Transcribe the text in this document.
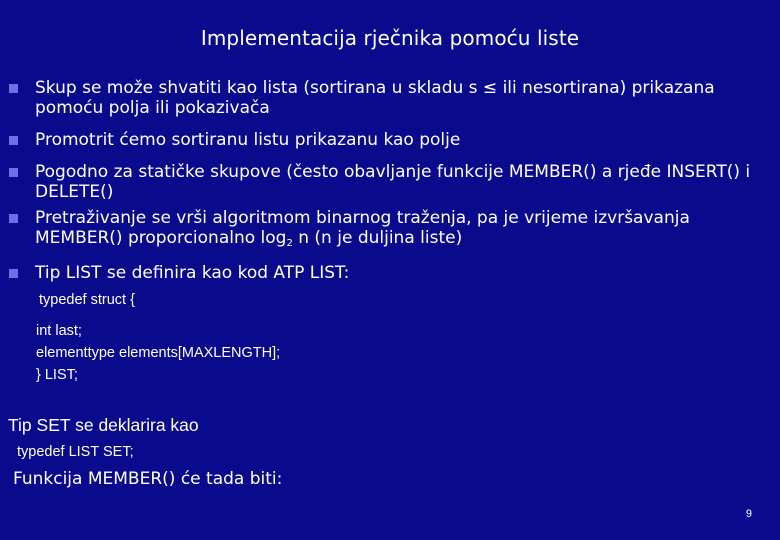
Implementacija rječnika pomoću liste
Skup se može shvatiti kao lista (sortirana u skladu s ≤ ili nesortirana) prikazana pomoću polja ili pokazivača
Promotrit ćemo sortiranu listu prikazanu kao polje
Pogodno za statičke skupove (često obavljanje funkcije MEMBER() a rjeđe INSERT() i DELETE()
Pretraživanje se vrši algoritmom binarnog traženja, pa je vrijeme izvršavanja MEMBER() proporcionalno $\log_2 n$ (n je duljina liste)
Tip LIST se definira kao kod ATP LIST:
typedef struct {
int last;
elementtype elements[MAXLENGTH];
} LIST;
Tip SET se deklarira kao
typedef LIST SET;
Funkcija MEMBER() će tada biti:
9
